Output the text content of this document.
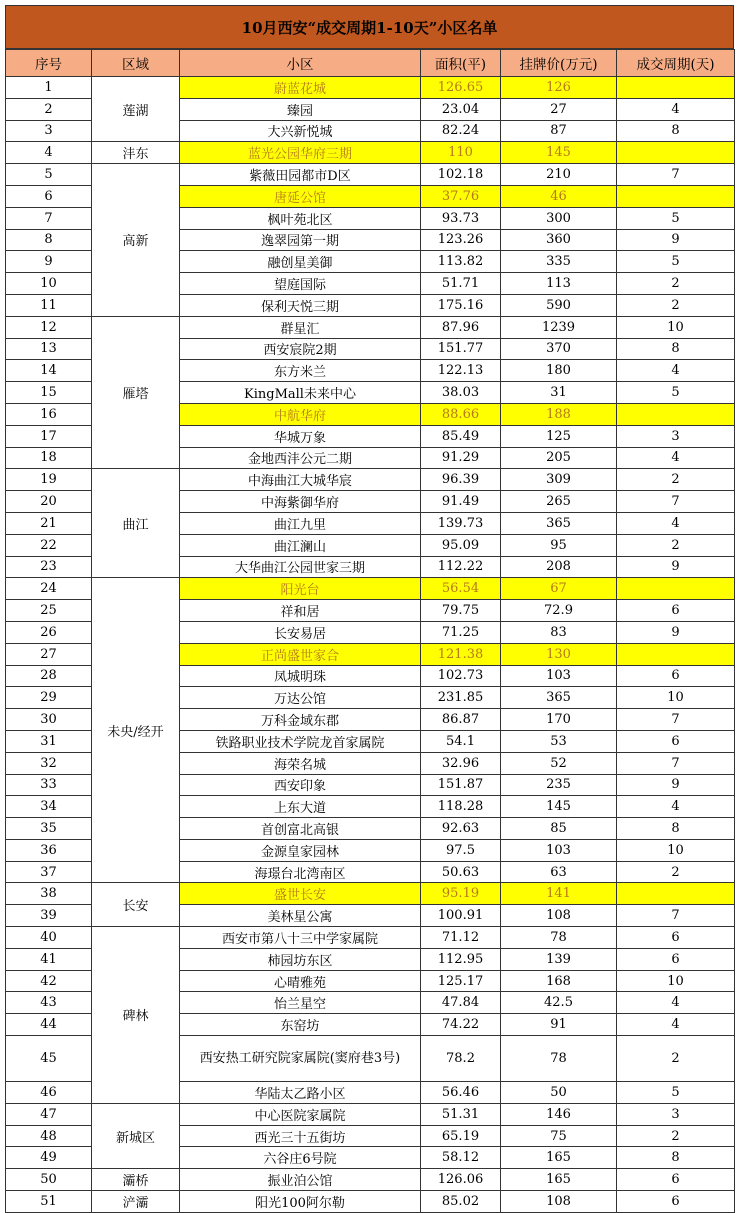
10月西安“成交周期1-10天”小区名单
序号	区域	小区	面积(平)	挂牌价(万元)	成交周期(天)
1	莲湖	蔚蓝花城	126.65	126	
2		臻园	23.04	27	4
3		大兴新悦城	82.24	87	8
4	沣东	蓝光公园华府三期	110	145	
5	高新	紫薇田园都市D区	102.18	210	7
6		唐延公馆	37.76	46	
7		枫叶苑北区	93.73	300	5
8		逸翠园第一期	123.26	360	9
9		融创星美御	113.82	335	5
10		望庭国际	51.71	113	2
11		保利天悦三期	175.16	590	2
12	雁塔	群星汇	87.96	1239	10
13		西安宸院2期	151.77	370	8
14		东方米兰	122.13	180	4
15		KingMall未来中心	38.03	31	5
16		中航华府	88.66	188	
17		华城万象	85.49	125	3
18		金地西沣公元二期	91.29	205	4
19	曲江	中海曲江大城华宸	96.39	309	2
20		中海紫御华府	91.49	265	7
21		曲江九里	139.73	365	4
22		曲江澜山	95.09	95	2
23		大华曲江公园世家三期	112.22	208	9
24	未央/经开	阳光台	56.54	67	
25		祥和居	79.75	72.9	6
26		长安易居	71.25	83	9
27		正尚盛世家合	121.38	130	
28		凤城明珠	102.73	103	6
29		万达公馆	231.85	365	10
30		万科金域东郡	86.87	170	7
31		铁路职业技术学院龙首家属院	54.1	53	6
32		海荣名城	32.96	52	7
33		西安印象	151.87	235	9
34		上东大道	118.28	145	4
35		首创富北高银	92.63	85	8
36		金源皇家园林	97.5	103	10
37		海璟台北湾南区	50.63	63	2
38	长安	盛世长安	95.19	141	
39		美林星公寓	100.91	108	7
40	碑林	西安市第八十三中学家属院	71.12	78	6
41		柿园坊东区	112.95	139	6
42		心晴雅苑	125.17	168	10
43		怡兰星空	47.84	42.5	4
44		东窑坊	74.22	91	4
45		西安热工研究院家属院(窦府巷3号)	78.2	78	2
46		华陆太乙路小区	56.46	50	5
47	新城区	中心医院家属院	51.31	146	3
48		西光三十五街坊	65.19	75	2
49		六谷庄6号院	58.12	165	8
50	灞桥	振业泊公馆	126.06	165	6
51	浐灞	阳光100阿尔勒	85.02	108	6
